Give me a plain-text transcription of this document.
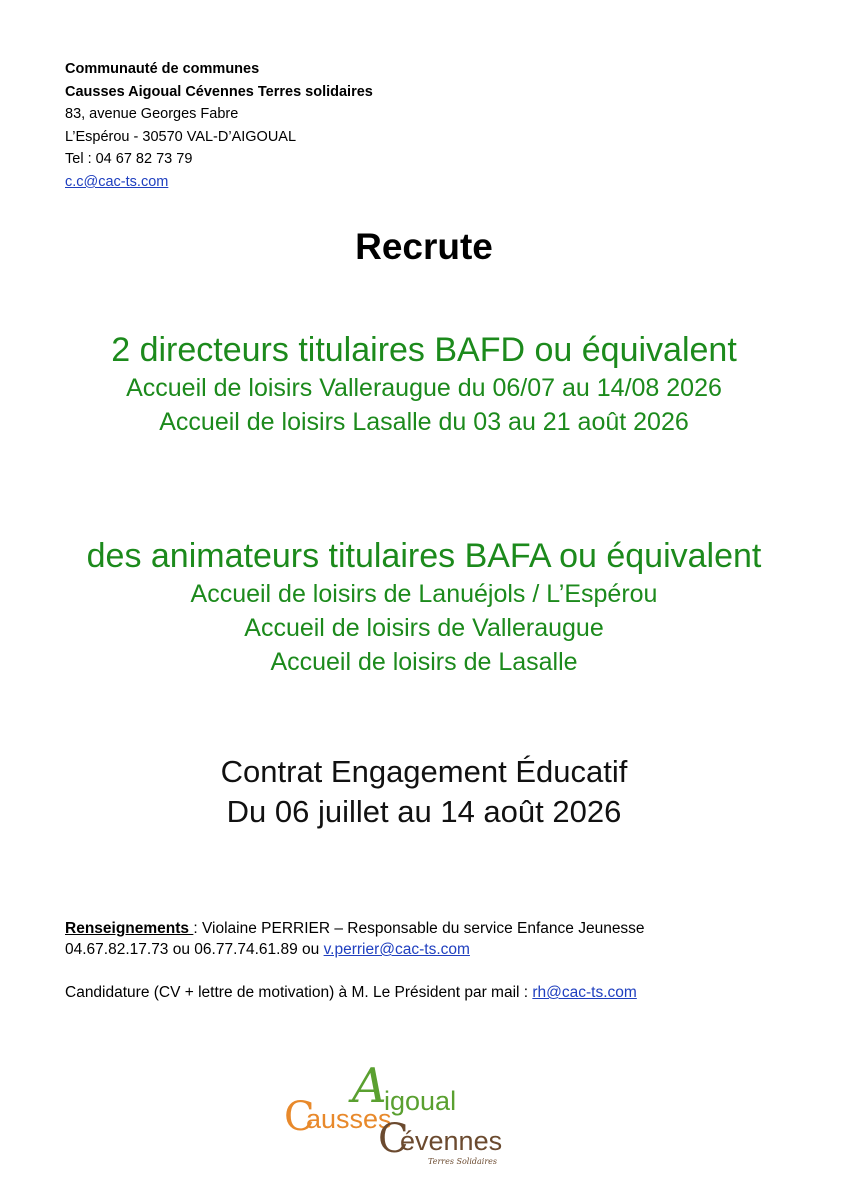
Communauté de communes
Causses Aigoual Cévennes Terres solidaires
83, avenue Georges Fabre
L’Espérou - 30570 VAL-D’AIGOUAL
Tel : 04 67 82 73 79
c.c@cac-ts.com
Recrute
2 directeurs titulaires BAFD ou équivalent
Accueil de loisirs Valleraugue du 06/07 au 14/08 2026
Accueil de loisirs Lasalle du 03 au 21 août 2026
des animateurs titulaires BAFA ou équivalent
Accueil de loisirs de Lanuéjols / L’Espérou
Accueil de loisirs de Valleraugue
Accueil de loisirs de Lasalle
Contrat Engagement Éducatif
Du 06 juillet au 14 août 2026
Renseignements : Violaine PERRIER – Responsable du service Enfance Jeunesse
04.67.82.17.73 ou 06.77.74.61.89 ou v.perrier@cac-ts.com
Candidature (CV + lettre de motivation) à M. Le Président par mail : rh@cac-ts.com
A
igoual
C
ausses
C
évennes
Terres Solidaires
